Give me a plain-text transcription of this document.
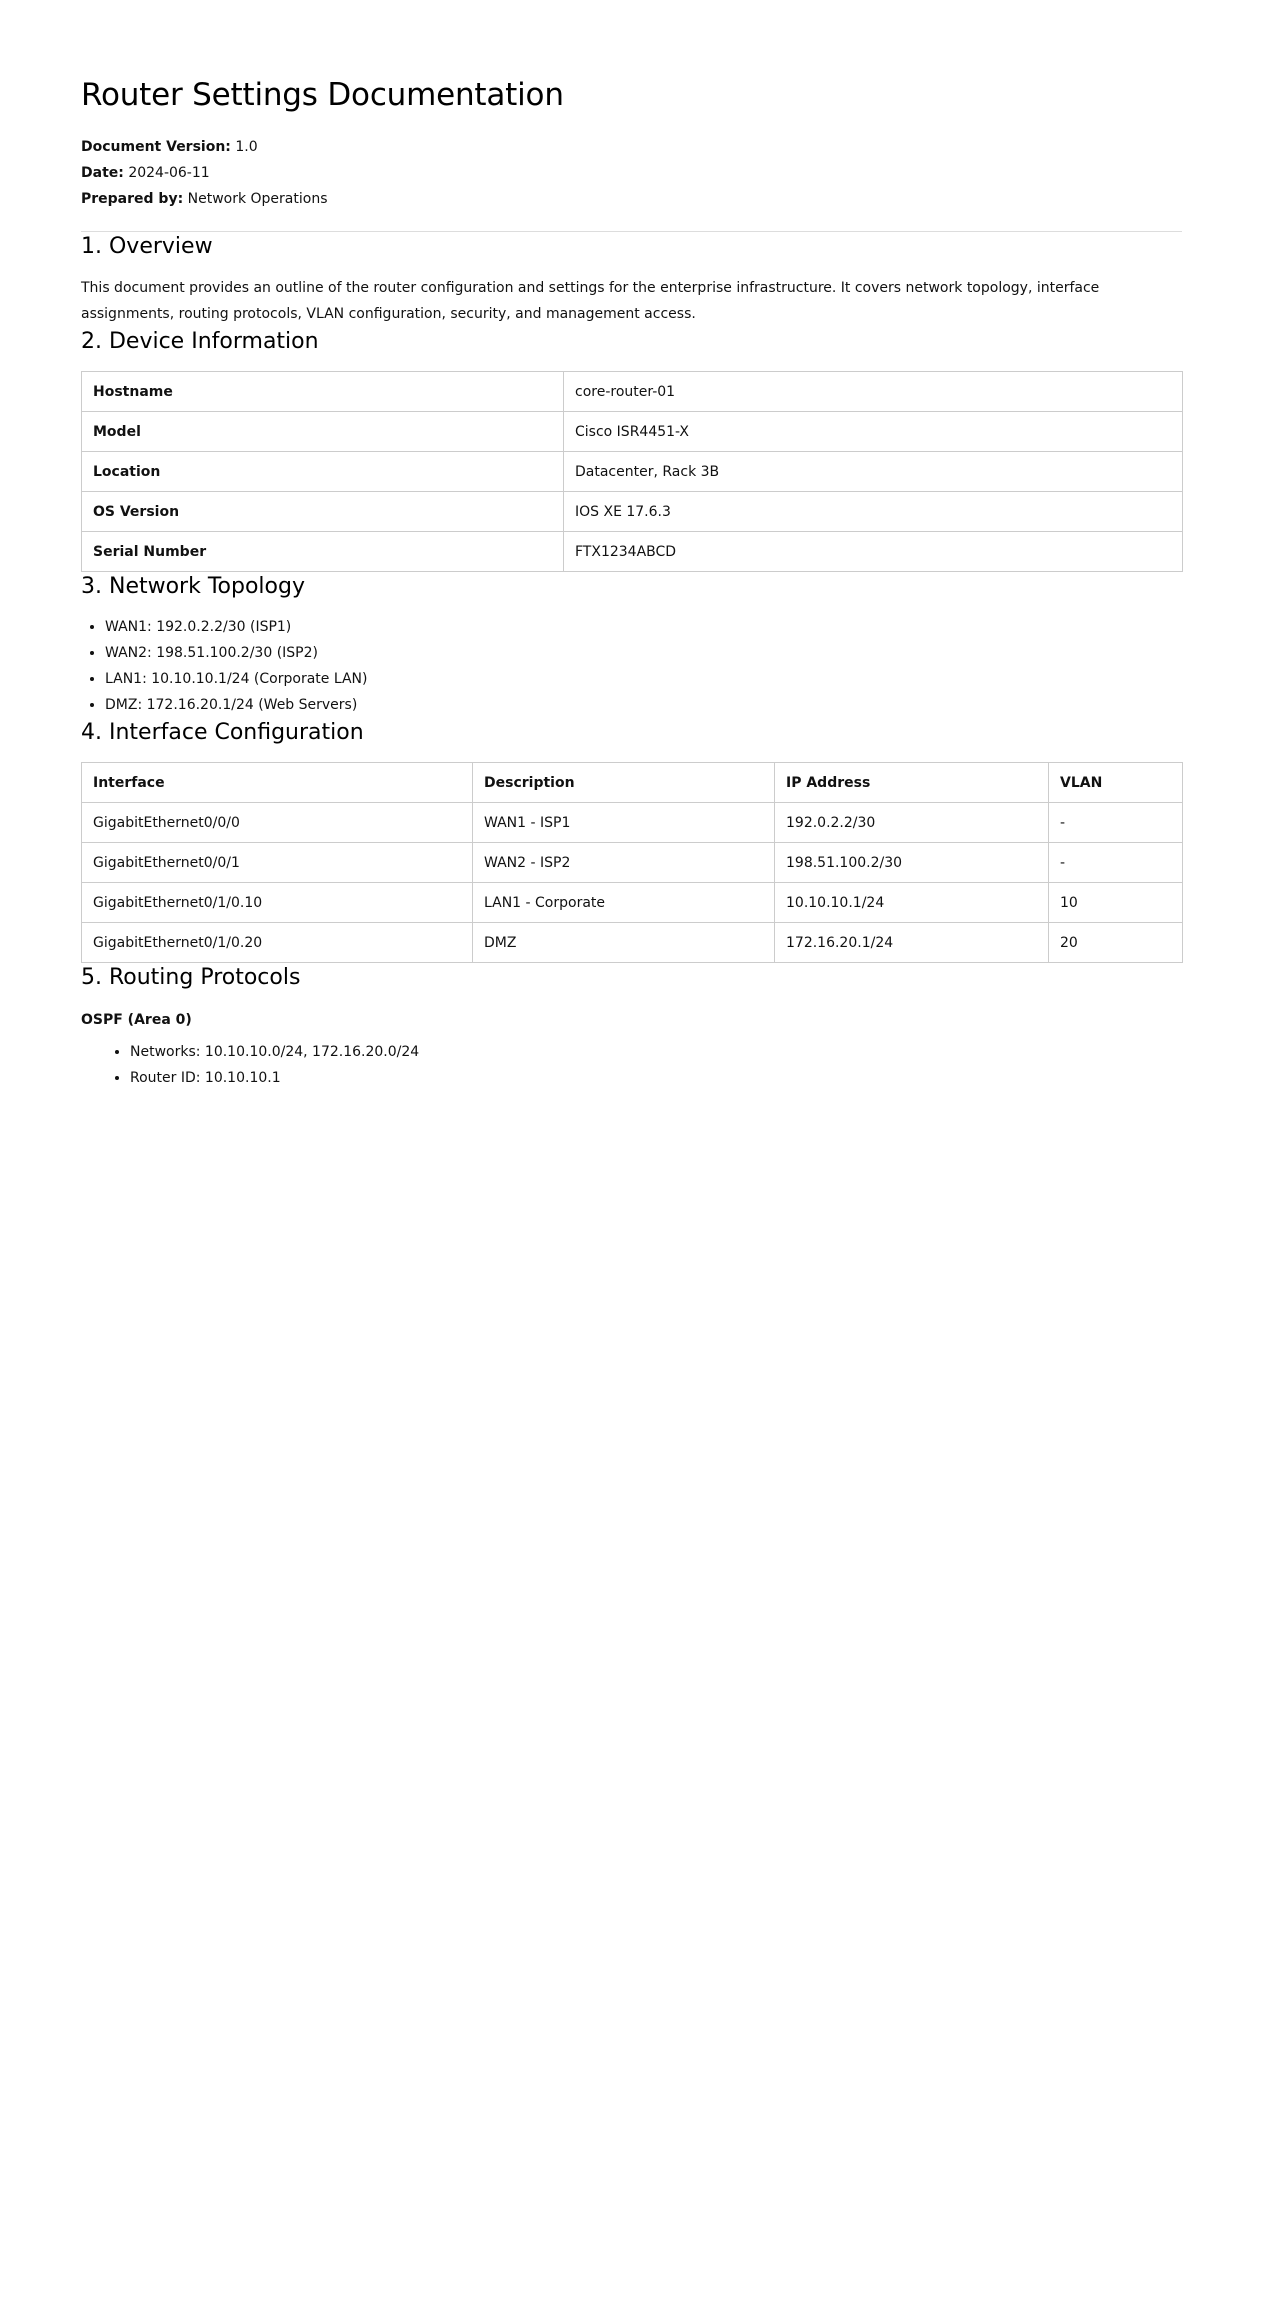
Router Settings Documentation

Document Version: 1.0

Date: 2024-06-11

Prepared by: Network Operations

1. Overview

This document provides an outline of the router configuration and settings for the enterprise infrastructure. It covers network topology, interface assignments, routing protocols, VLAN configuration, security, and management access.

2. Device Information
Hostname	core-router-01
Model	Cisco ISR4451-X
Location	Datacenter, Rack 3B
OS Version	IOS XE 17.6.3
Serial Number	FTX1234ABCD
3. Network Topology
• WAN1: 192.0.2.2/30 (ISP1)
• WAN2: 198.51.100.2/30 (ISP2)
• LAN1: 10.10.10.1/24 (Corporate LAN)
• DMZ: 172.16.20.1/24 (Web Servers)
4. Interface Configuration
Interface	Description	IP Address	VLAN
GigabitEthernet0/0/0	WAN1 - ISP1	192.0.2.2/30	-
GigabitEthernet0/0/1	WAN2 - ISP2	198.51.100.2/30	-
GigabitEthernet0/1/0.10	LAN1 - Corporate	10.10.10.1/24	10
GigabitEthernet0/1/0.20	DMZ	172.16.20.1/24	20
5. Routing Protocols

OSPF (Area 0)

• Networks: 10.10.10.0/24, 172.16.20.0/24
• Router ID: 10.10.10.1
